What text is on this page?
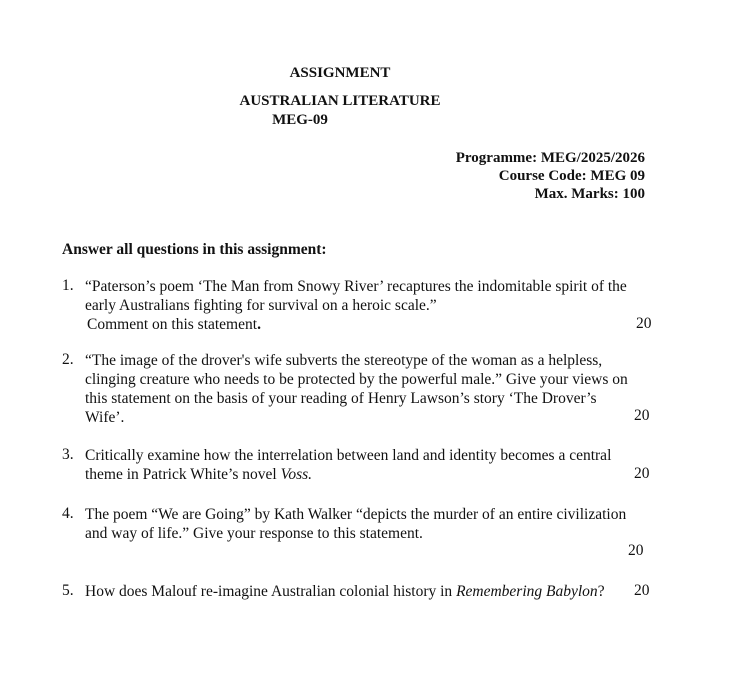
ASSIGNMENT
AUSTRALIAN LITERATURE
MEG-09
Programme: MEG/2025/2026
Course Code: MEG 09
Max. Marks: 100
Answer all questions in this assignment:
1. “Paterson’s poem ‘The Man from Snowy River’ recaptures the indomitable spirit of the
early Australians fighting for survival on a heroic scale.”
Comment on this statement.	20
2. “The image of the drover's wife subverts the stereotype of the woman as a helpless,
clinging creature who needs to be protected by the powerful male.” Give your views on
this statement on the basis of your reading of Henry Lawson’s story ‘The Drover’s
Wife’.	20
3. Critically examine how the interrelation between land and identity becomes a central
theme in Patrick White’s novel Voss.	20
4. The poem “We are Going” by Kath Walker “depicts the murder of an entire civilization
and way of life.” Give your response to this statement.
20
5. How does Malouf re-imagine Australian colonial history in Remembering Babylon? 20
